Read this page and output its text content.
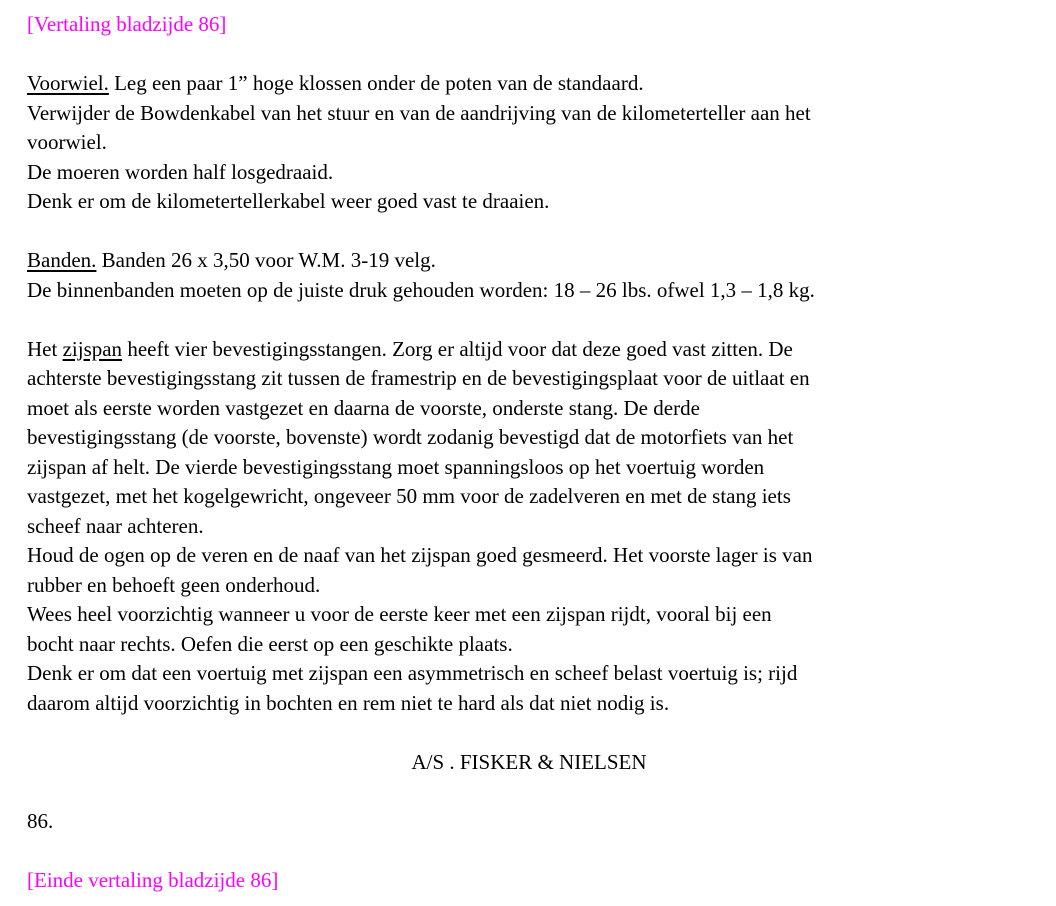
[Vertaling bladzijde 86]
Voorwiel. Leg een paar 1” hoge klossen onder de poten van de standaard.
Verwijder de Bowdenkabel van het stuur en van de aandrijving van de kilometerteller aan het
voorwiel.
De moeren worden half losgedraaid.
Denk er om de kilometertellerkabel weer goed vast te draaien.
Banden. Banden 26 x 3,50 voor W.M. 3-19 velg.
De binnenbanden moeten op de juiste druk gehouden worden: 18 – 26 lbs. ofwel 1,3 – 1,8 kg.
Het zijspan heeft vier bevestigingsstangen. Zorg er altijd voor dat deze goed vast zitten. De
achterste bevestigingsstang zit tussen de framestrip en de bevestigingsplaat voor de uitlaat en
moet als eerste worden vastgezet en daarna de voorste, onderste stang. De derde
bevestigingsstang (de voorste, bovenste) wordt zodanig bevestigd dat de motorfiets van het
zijspan af helt. De vierde bevestigingsstang moet spanningsloos op het voertuig worden
vastgezet, met het kogelgewricht, ongeveer 50 mm voor de zadelveren en met de stang iets
scheef naar achteren.
Houd de ogen op de veren en de naaf van het zijspan goed gesmeerd. Het voorste lager is van
rubber en behoeft geen onderhoud.
Wees heel voorzichtig wanneer u voor de eerste keer met een zijspan rijdt, vooral bij een
bocht naar rechts. Oefen die eerst op een geschikte plaats.
Denk er om dat een voertuig met zijspan een asymmetrisch en scheef belast voertuig is; rijd
daarom altijd voorzichtig in bochten en rem niet te hard als dat niet nodig is.
A/S . FISKER & NIELSEN
86.
[Einde vertaling bladzijde 86]
